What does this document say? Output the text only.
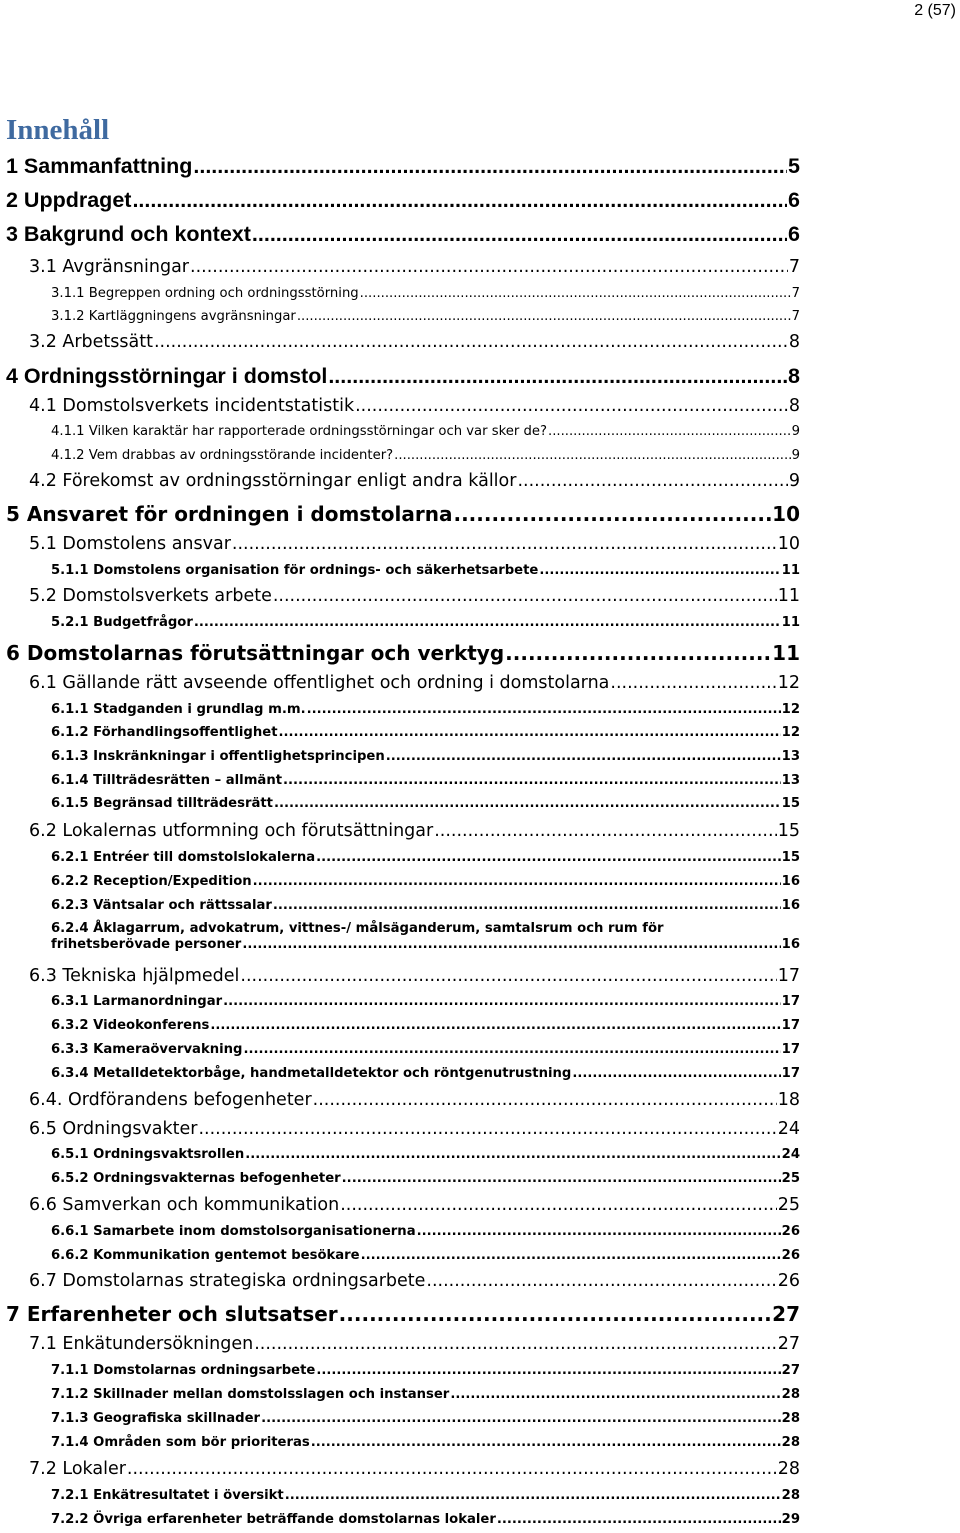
2 (57)
Innehåll
1 Sammanfattning .....	5
2 Uppdraget .....	6
3 Bakgrund och kontext .....	6
3.1 Avgränsningar .....	7
3.1.1 Begreppen ordning och ordningsstörning .....	7
3.1.2 Kartläggningens avgränsningar .....	7
3.2 Arbetssätt .....	8
4 Ordningsstörningar i domstol .....	8
4.1 Domstolsverkets incidentstatistik .....	8
4.1.1 Vilken karaktär har rapporterade ordningsstörningar och var sker de? .....	9
4.1.2 Vem drabbas av ordningsstörande incidenter? .....	9
4.2 Förekomst av ordningsstörningar enligt andra källor .....	9
5 Ansvaret för ordningen i domstolarna .....	10
5.1 Domstolens ansvar .....	10
5.1.1 Domstolens organisation för ordnings- och säkerhetsarbete .....	11
5.2 Domstolsverkets arbete .....	11
5.2.1 Budgetfrågor .....	11
6 Domstolarnas förutsättningar och verktyg .....	11
6.1 Gällande rätt avseende offentlighet och ordning i domstolarna .....	12
6.1.1 Stadganden i grundlag m.m. .....	12
6.1.2 Förhandlingsoffentlighet .....	12
6.1.3 Inskränkningar i offentlighetsprincipen .....	13
6.1.4 Tillträdesrätten – allmänt .....	13
6.1.5 Begränsad tillträdesrätt .....	15
6.2 Lokalernas utformning och förutsättningar .....	15
6.2.1 Entréer till domstolslokalerna .....	15
6.2.2 Reception/Expedition .....	16
6.2.3 Väntsalar och rättssalar .....	16
6.2.4 Åklagarrum, advokatrum, vittnes-/ målsäganderum, samtalsrum och rum för
frihetsberövade personer .....	16
6.3 Tekniska hjälpmedel .....	17
6.3.1 Larmanordningar .....	17
6.3.2 Videokonferens .....	17
6.3.3 Kameraövervakning .....	17
6.3.4 Metalldetektorbåge, handmetalldetektor och röntgenutrustning .....	17
6.4. Ordförandens befogenheter .....	18
6.5 Ordningsvakter .....	24
6.5.1 Ordningsvaktsrollen .....	24
6.5.2 Ordningsvakternas befogenheter .....	25
6.6 Samverkan och kommunikation .....	25
6.6.1 Samarbete inom domstolsorganisationerna .....	26
6.6.2 Kommunikation gentemot besökare .....	26
6.7 Domstolarnas strategiska ordningsarbete .....	26
7 Erfarenheter och slutsatser .....	27
7.1 Enkätundersökningen .....	27
7.1.1 Domstolarnas ordningsarbete .....	27
7.1.2 Skillnader mellan domstolsslagen och instanser .....	28
7.1.3 Geografiska skillnader .....	28
7.1.4 Områden som bör prioriteras .....	28
7.2 Lokaler .....	28
7.2.1 Enkätresultatet i översikt .....	28
7.2.2 Övriga erfarenheter beträffande domstolarnas lokaler .....	29
